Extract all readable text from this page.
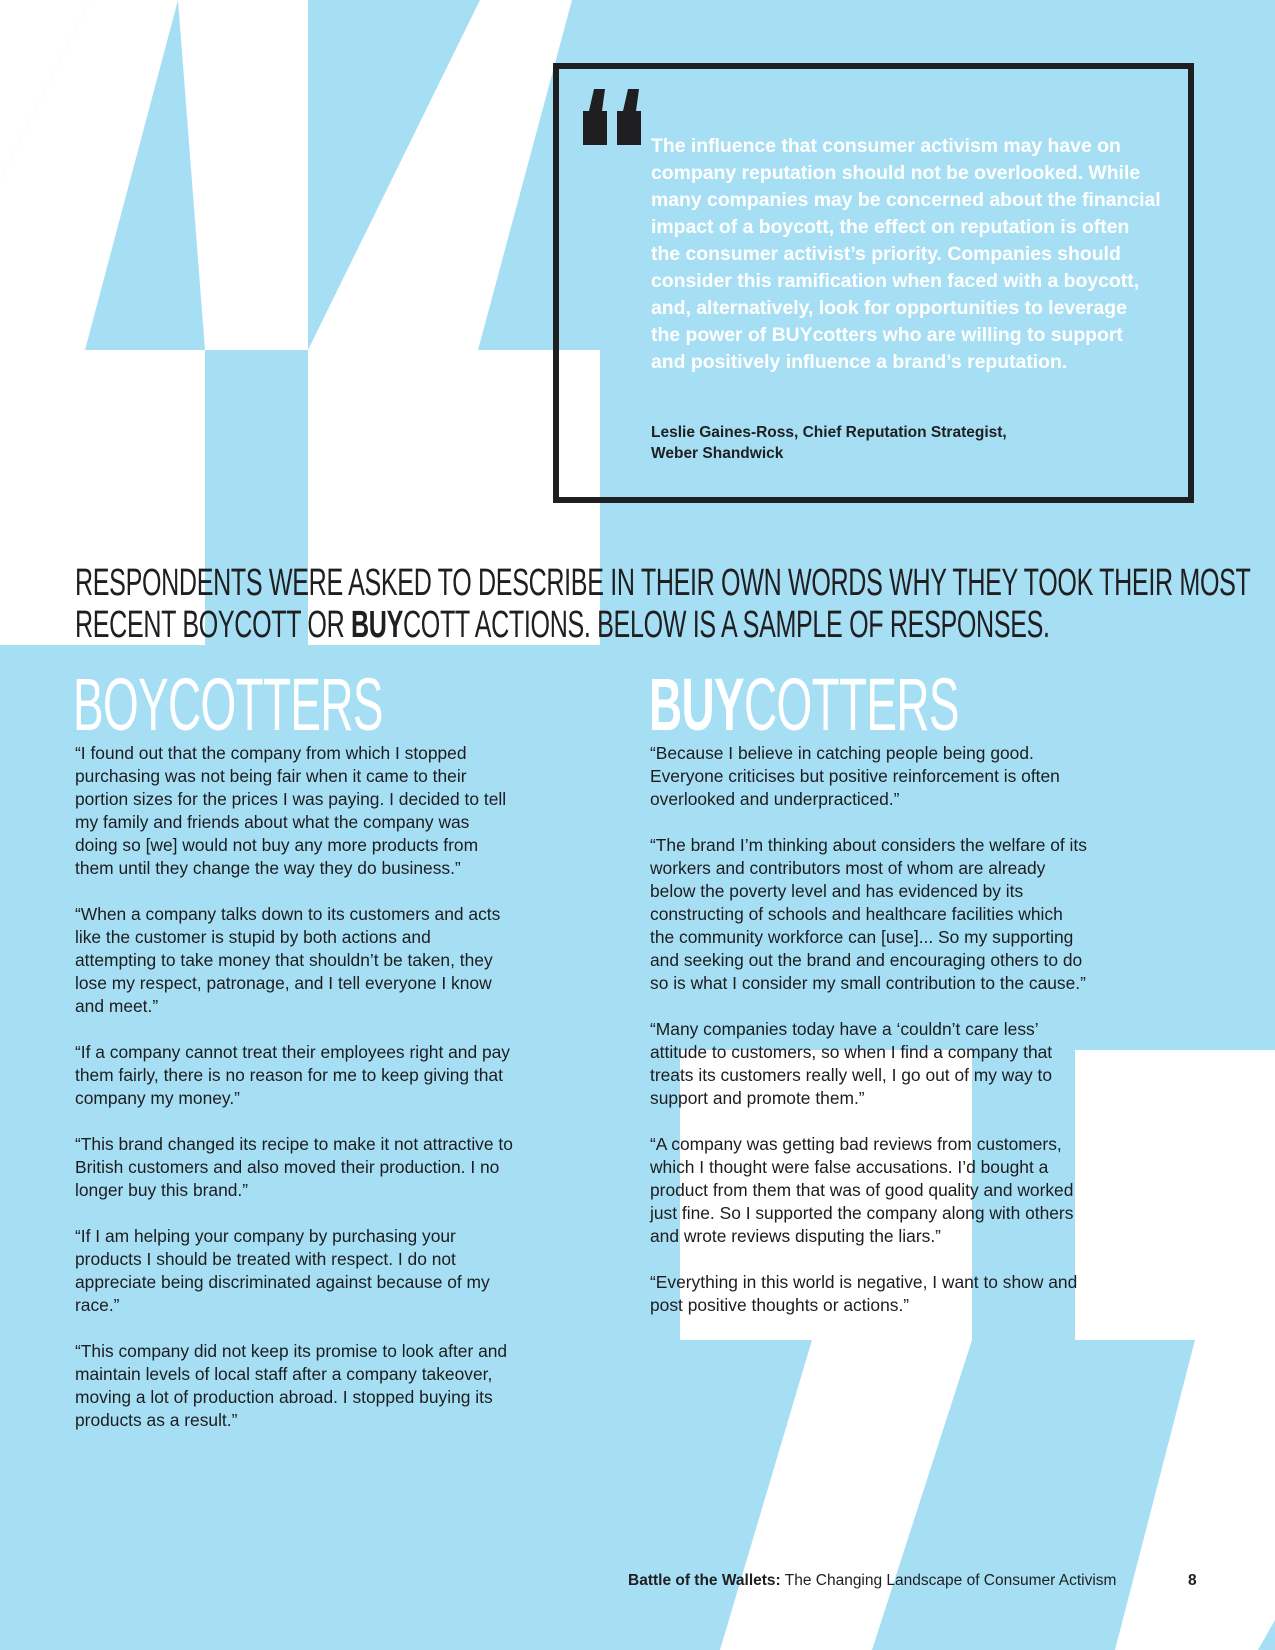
The influence that consumer activism may have on company reputation should not be overlooked. While many companies may be concerned about the financial impact of a boycott, the effect on reputation is often the consumer activist’s priority. Companies should consider this ramification when faced with a boycott, and, alternatively, look for opportunities to leverage the power of BUYcotters who are willing to support and positively influence a brand’s reputation.

Leslie Gaines-Ross, Chief Reputation Strategist,
Weber Shandwick
RESPONDENTS WERE ASKED TO DESCRIBE IN THEIR OWN WORDS WHY THEY TOOK THEIR MOST
RECENT BOYCOTT OR BUYCOTT ACTIONS. BELOW IS A SAMPLE OF RESPONSES.
BOYCOTTERS	BUYCOTTERS

“I found out that the company from which I stopped purchasing was not being fair when it came to their portion sizes for the prices I was paying. I decided to tell my family and friends about what the company was doing so [we] would not buy any more products from them until they change the way they do business.”

“When a company talks down to its customers and acts like the customer is stupid by both actions and attempting to take money that shouldn’t be taken, they lose my respect, patronage, and I tell everyone I know and meet.”

“If a company cannot treat their employees right and pay them fairly, there is no reason for me to keep giving that company my money.”

“This brand changed its recipe to make it not attractive to British customers and also moved their production. I no longer buy this brand.”

“If I am helping your company by purchasing your products I should be treated with respect. I do not appreciate being discriminated against because of my race.”

“This company did not keep its promise to look after and maintain levels of local staff after a company takeover, moving a lot of production abroad. I stopped buying its products as a result.”

“Because I believe in catching people being good. Everyone criticises but positive reinforcement is often overlooked and underpracticed.”

“The brand I’m thinking about considers the welfare of its workers and contributors most of whom are already below the poverty level and has evidenced by its constructing of schools and healthcare facilities which the community workforce can [use]... So my supporting and seeking out the brand and encouraging others to do so is what I consider my small contribution to the cause.”

“Many companies today have a ‘couldn’t care less’ attitude to customers, so when I find a company that treats its customers really well, I go out of my way to support and promote them.”

“A company was getting bad reviews from customers, which I thought were false accusations. I’d bought a product from them that was of good quality and worked just fine. So I supported the company along with others and wrote reviews disputing the liars.”

“Everything in this world is negative, I want to show and post positive thoughts or actions.”

Battle of the Wallets: The Changing Landscape of Consumer Activism	8
